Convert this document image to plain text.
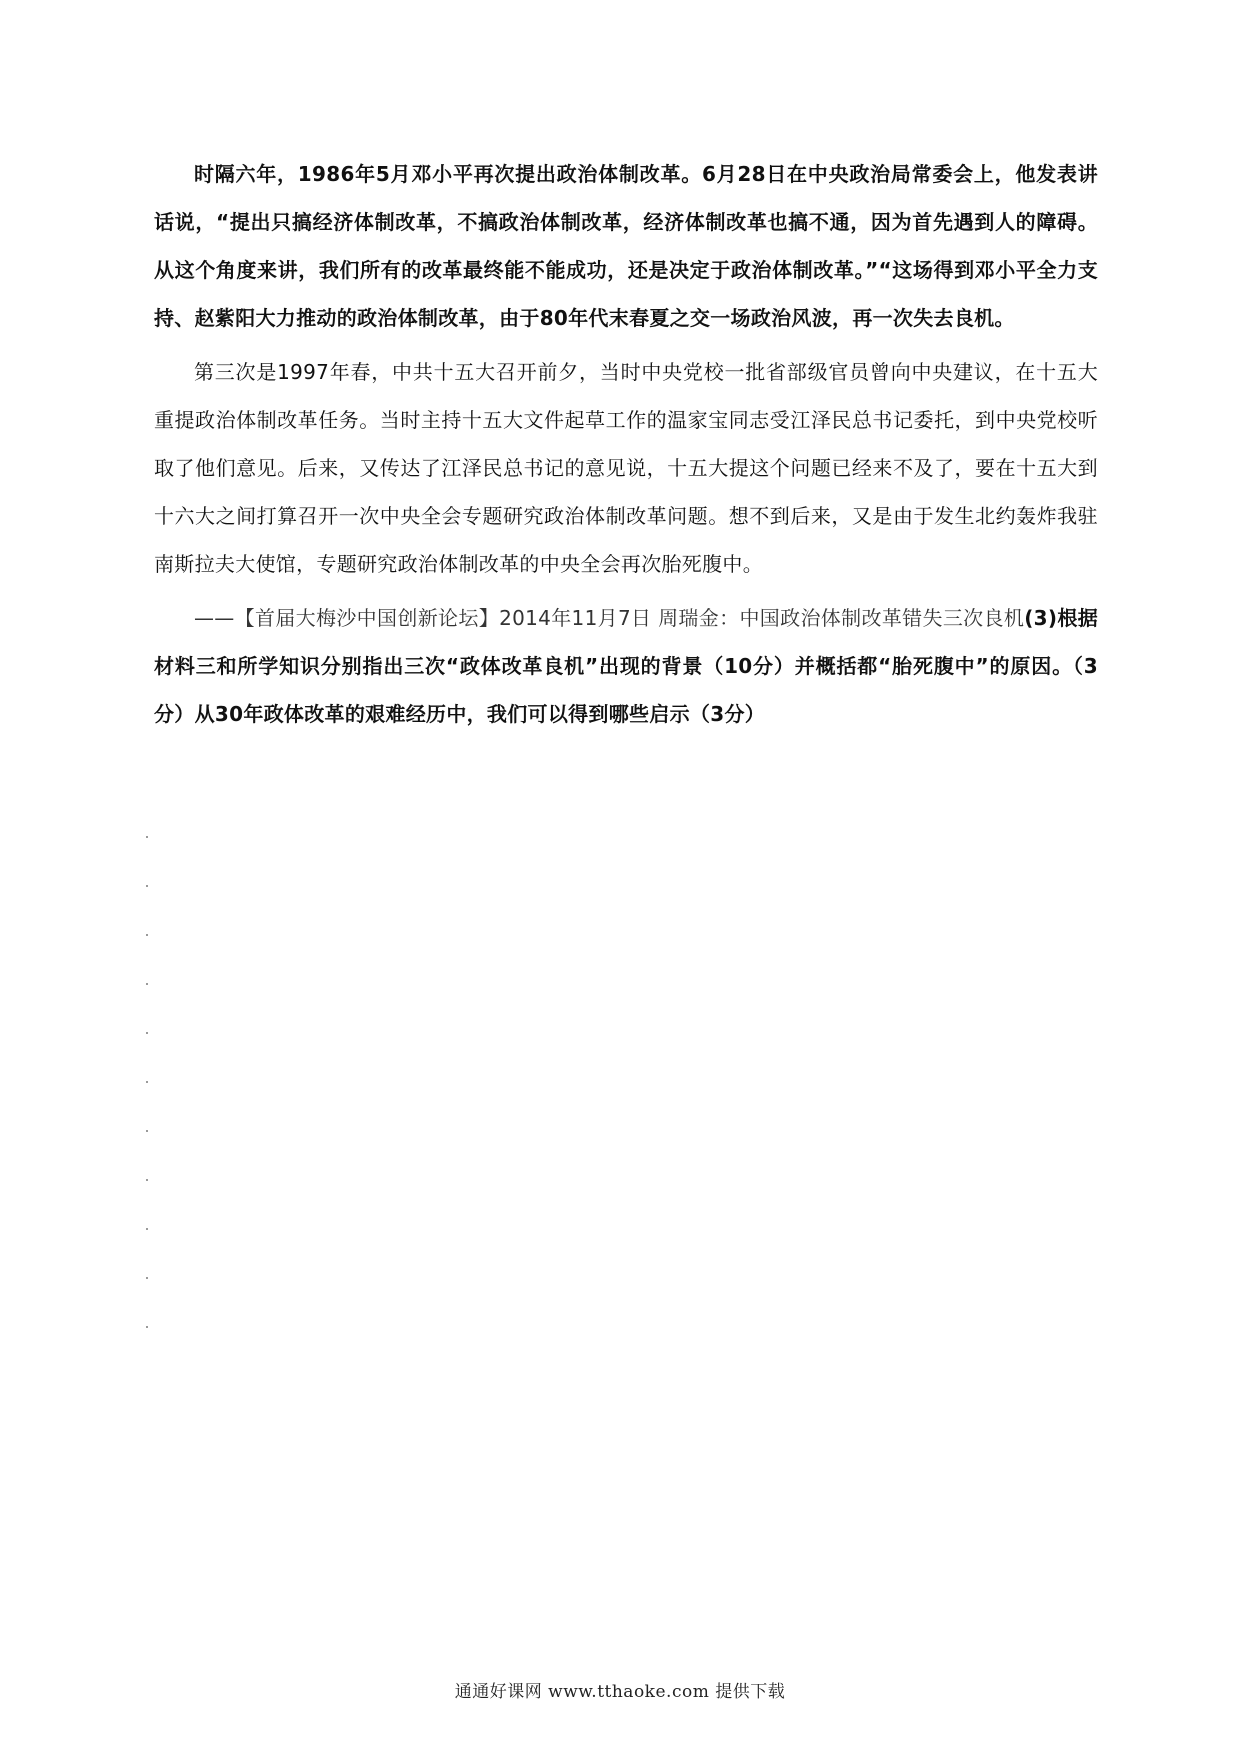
时隔六年，1986年5月邓小平再次提出政治体制改革。6月28日在中央政治局常委会上，他发表讲话说，“提出只搞经济体制改革，不搞政治体制改革，经济体制改革也搞不通，因为首先遇到人的障碍。从这个角度来讲，我们所有的改革最终能不能成功，还是决定于政治体制改革。”“这场得到邓小平全力支持、赵紫阳大力推动的政治体制改革，由于80年代末春夏之交一场政治风波，再一次失去良机。

第三次是1997年春，中共十五大召开前夕，当时中央党校一批省部级官员曾向中央建议，在十五大重提政治体制改革任务。当时主持十五大文件起草工作的温家宝同志受江泽民总书记委托，到中央党校听取了他们意见。后来，又传达了江泽民总书记的意见说，十五大提这个问题已经来不及了，要在十五大到十六大之间打算召开一次中央全会专题研究政治体制改革问题。想不到后来，又是由于发生北约轰炸我驻南斯拉夫大使馆，专题研究政治体制改革的中央全会再次胎死腹中。

——【首届大梅沙中国创新论坛】2014年11月7日 周瑞金：中国政治体制改革错失三次良机(3)根据材料三和所学知识分别指出三次“政体改革良机”出现的背景（10分）并概括都“胎死腹中”的原因。（3分）从30年政体改革的艰难经历中，我们可以得到哪些启示（3分）

通通好课网 www.tthaoke.com 提供下载
